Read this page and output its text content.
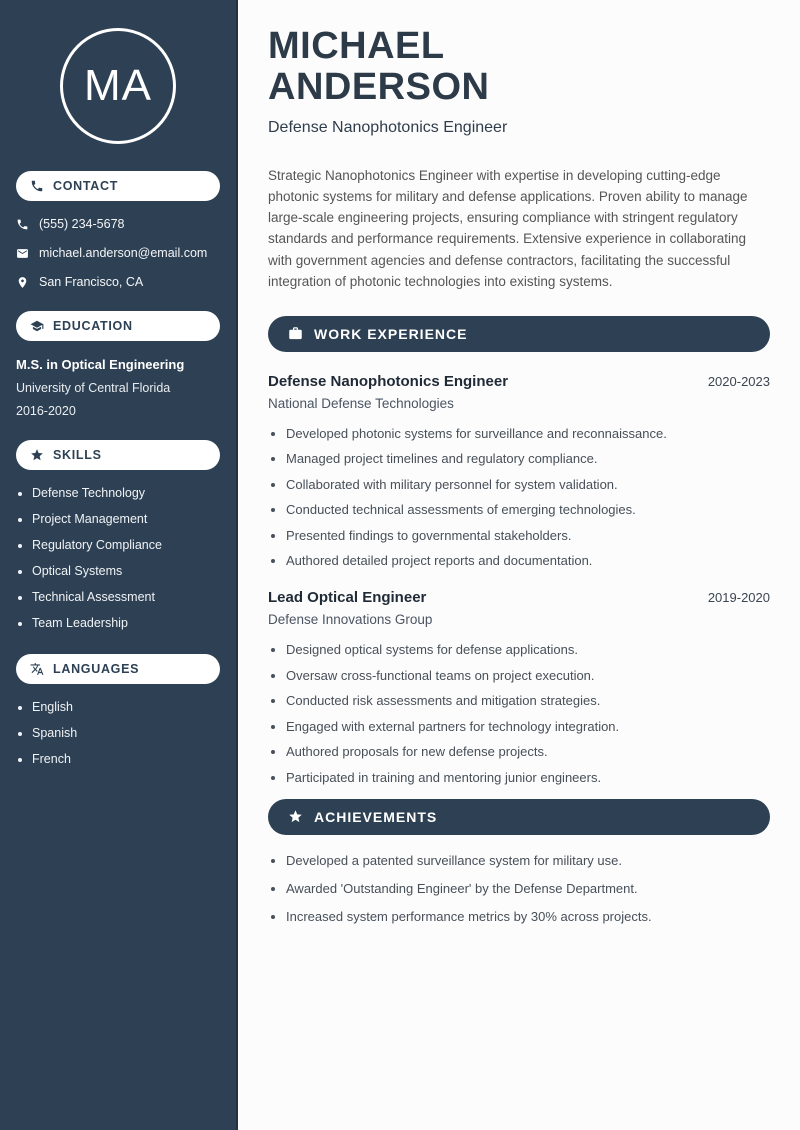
MA
CONTACT
(555) 234-5678
michael.anderson@email.com
San Francisco, CA
EDUCATION
M.S. in Optical Engineering
University of Central Florida
2016-2020
SKILLS
• Defense Technology
• Project Management
• Regulatory Compliance
• Optical Systems
• Technical Assessment
• Team Leadership
LANGUAGES
• English
• Spanish
• French
MICHAEL
ANDERSON
Defense Nanophotonics Engineer

Strategic Nanophotonics Engineer with expertise in developing cutting-edge photonic systems for military and defense applications. Proven ability to manage large-scale engineering projects, ensuring compliance with stringent regulatory standards and performance requirements. Extensive experience in collaborating with government agencies and defense contractors, facilitating the successful integration of photonic technologies into existing systems.

WORK EXPERIENCE
Defense Nanophotonics Engineer	2020-2023
National Defense Technologies
• Developed photonic systems for surveillance and reconnaissance.
• Managed project timelines and regulatory compliance.
• Collaborated with military personnel for system validation.
• Conducted technical assessments of emerging technologies.
• Presented findings to governmental stakeholders.
• Authored detailed project reports and documentation.
Lead Optical Engineer	2019-2020
Defense Innovations Group
• Designed optical systems for defense applications.
• Oversaw cross-functional teams on project execution.
• Conducted risk assessments and mitigation strategies.
• Engaged with external partners for technology integration.
• Authored proposals for new defense projects.
• Participated in training and mentoring junior engineers.
ACHIEVEMENTS
• Developed a patented surveillance system for military use.
• Awarded 'Outstanding Engineer' by the Defense Department.
• Increased system performance metrics by 30% across projects.
